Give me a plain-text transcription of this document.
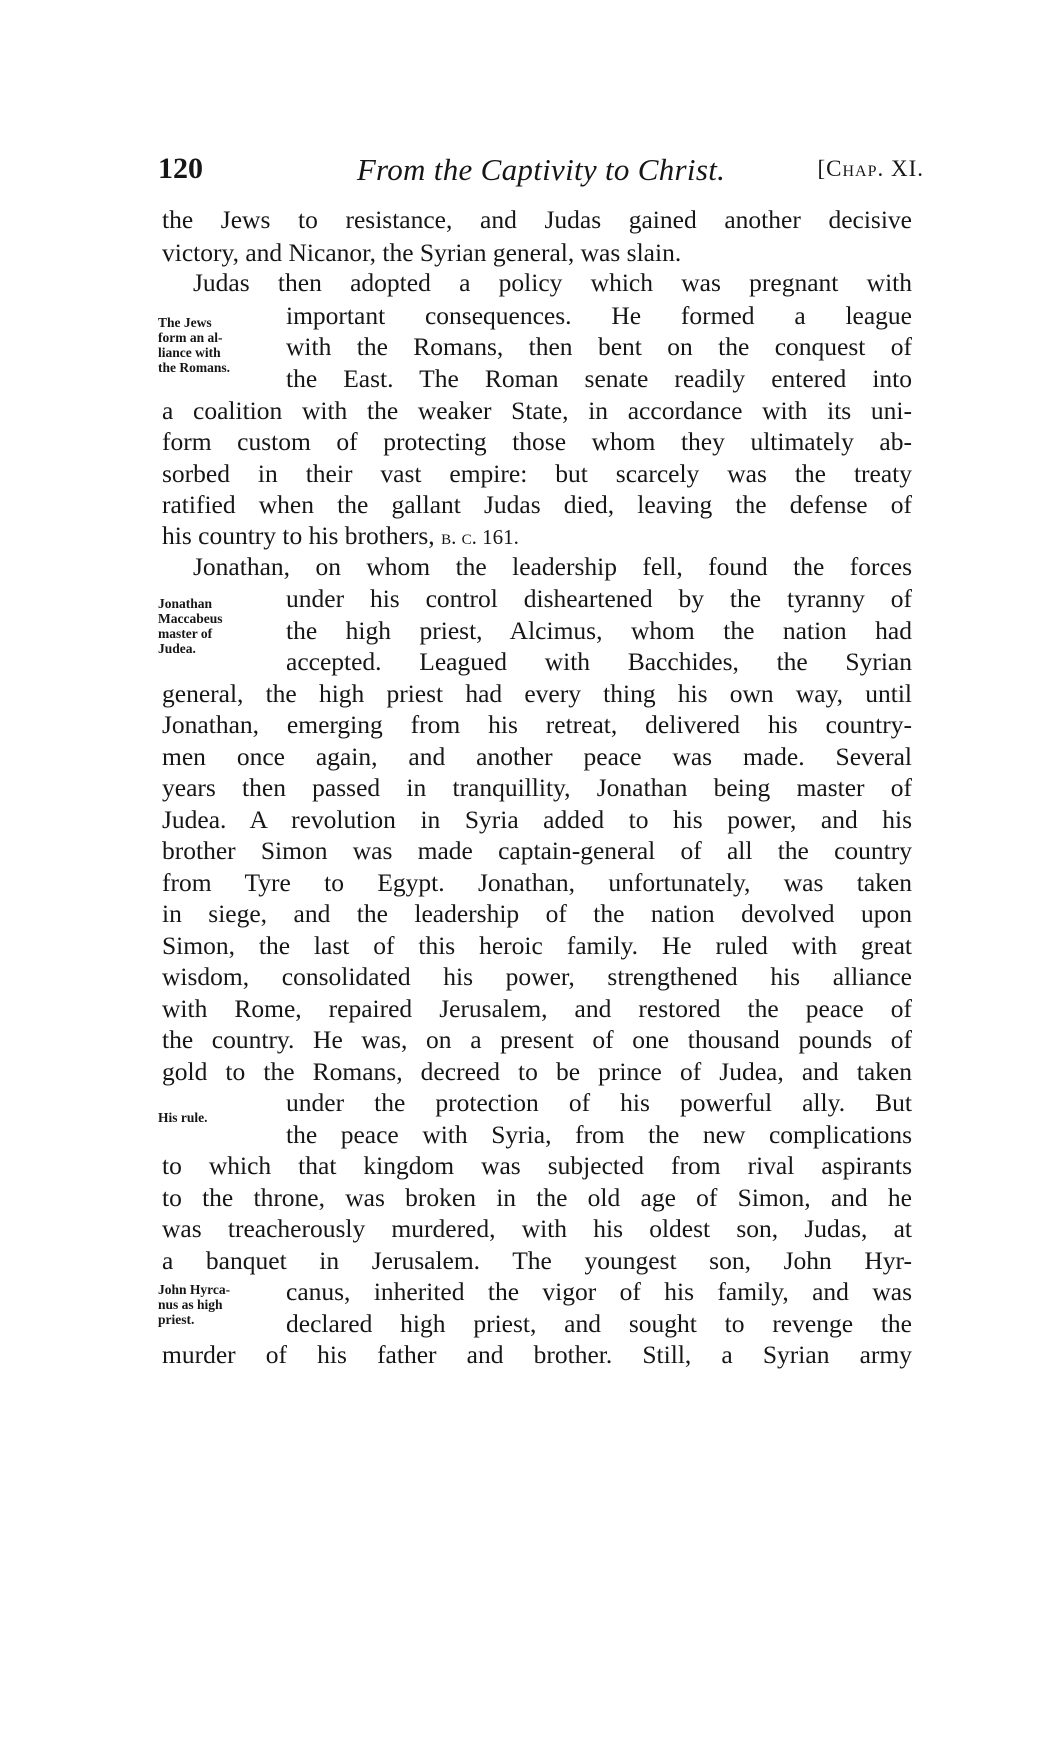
120	From the Captivity to Christ.	[Chap. XI.
the Jews to resistance, and Judas gained another decisive
victory, and Nicanor, the Syrian general, was slain.
Judas then adopted a policy which was pregnant with
important consequences. He formed a league
with the Romans, then bent on the conquest of
the East. The Roman senate readily entered into
a coalition with the weaker State, in accordance with its uni-
form custom of protecting those whom they ultimately ab-
sorbed in their vast empire: but scarcely was the treaty
ratified when the gallant Judas died, leaving the defense of
his country to his brothers, b. c. 161.
Jonathan, on whom the leadership fell, found the forces
under his control disheartened by the tyranny of
the high priest, Alcimus, whom the nation had
accepted. Leagued with Bacchides, the Syrian
general, the high priest had every thing his own way, until
Jonathan, emerging from his retreat, delivered his country-
men once again, and another peace was made. Several
years then passed in tranquillity, Jonathan being master of
Judea. A revolution in Syria added to his power, and his
brother Simon was made captain-general of all the country
from Tyre to Egypt. Jonathan, unfortunately, was taken
in siege, and the leadership of the nation devolved upon
Simon, the last of this heroic family. He ruled with great
wisdom, consolidated his power, strengthened his alliance
with Rome, repaired Jerusalem, and restored the peace of
the country. He was, on a present of one thousand pounds of
gold to the Romans, decreed to be prince of Judea, and taken
under the protection of his powerful ally. But
the peace with Syria, from the new complications
to which that kingdom was subjected from rival aspirants
to the throne, was broken in the old age of Simon, and he
was treacherously murdered, with his oldest son, Judas, at
a banquet in Jerusalem. The youngest son, John Hyr-
canus, inherited the vigor of his family, and was
declared high priest, and sought to revenge the
murder of his father and brother. Still, a Syrian army
The Jews
form an al-
liance with
the Romans.
Jonathan
Maccabeus
master of
Judea.
His rule.
John Hyrca-
nus as high
priest.
